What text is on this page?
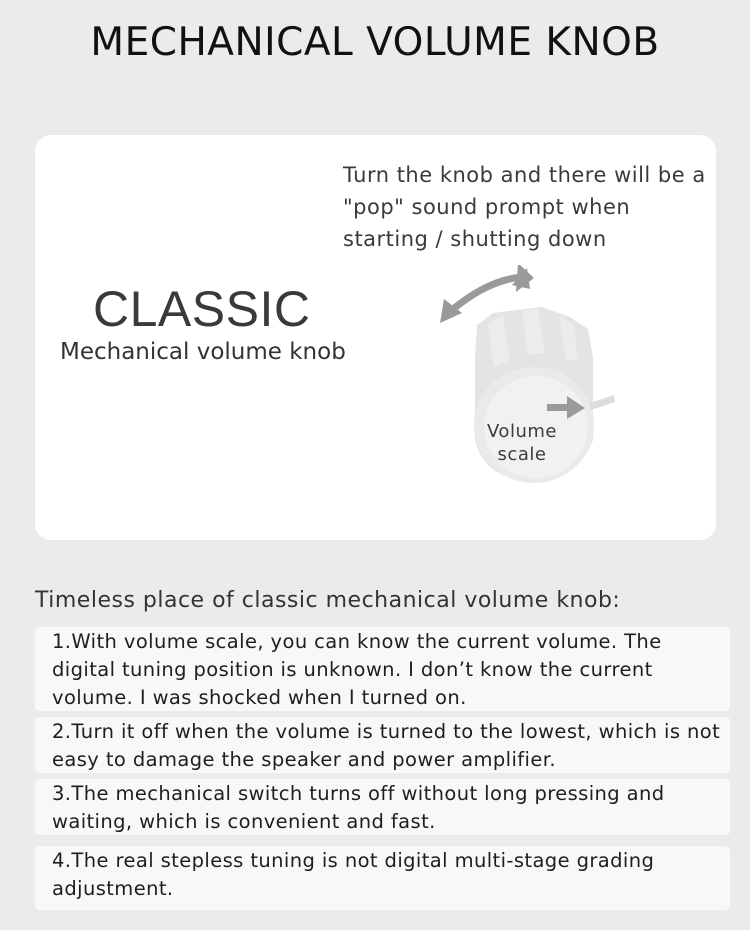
MECHANICAL VOLUME KNOB
CLASSIC
Mechanical volume knob
Turn the knob and there will be a "pop" sound prompt when starting / shutting down
Volume
scale
Timeless place of classic mechanical volume knob:
1.With volume scale, you can know the current volume. The digital tuning position is unknown. I don’t know the current volume. I was shocked when I turned on.
2.Turn it off when the volume is turned to the lowest, which is not easy to damage the speaker and power amplifier.
3.The mechanical switch turns off without long pressing and waiting, which is convenient and fast.
4.The real stepless tuning is not digital multi-stage grading adjustment.
